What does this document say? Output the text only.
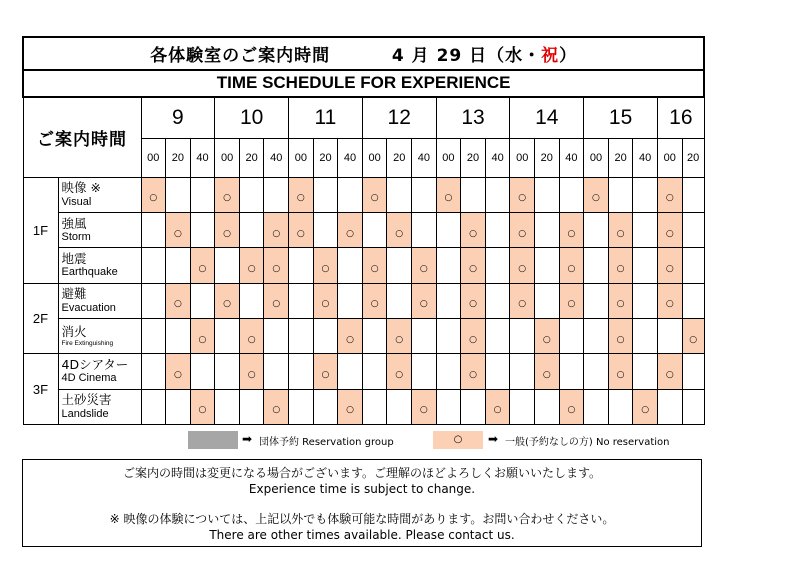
各体験室のご案内時間 4 月 29 日（水・祝）																								
TIME SCHEDULE FOR EXPERIENCE																								
ご案内時間		9			10			11			12			13			14			15			16	
		00	20	40	00	20	40	00	20	40	00	20	40	00	20	40	00	20	40	00	20	40	00	20
1F	映像 ※
Visual	○			○			○			○			○			○			○			○	

	強風
Storm		○		○		○	○		○		○			○		○		○		○		○	

	地震
Earthquake			○		○	○		○		○		○		○		○		○		○		○	
2F	避難
Evacuation		○		○		○		○		○		○		○		○		○		○		○	

	消火
Fire Extinguishing			○		○				○		○			○			○			○			○
3F	4Dシアター
4D Cinema		○			○			○			○			○			○			○		○	

	土砂災害
Landslide			○			○			○			○			○			○			○		
➡ 団体予約 Reservation group	○	➡ 一般(予約なしの方) No reservation
ご案内の時間は変更になる場合がございます。ご理解のほどよろしくお願いいたします。
Experience time is subject to change.
※ 映像の体験については、上記以外でも体験可能な時間があります。お問い合わせください。
There are other times available. Please contact us.
